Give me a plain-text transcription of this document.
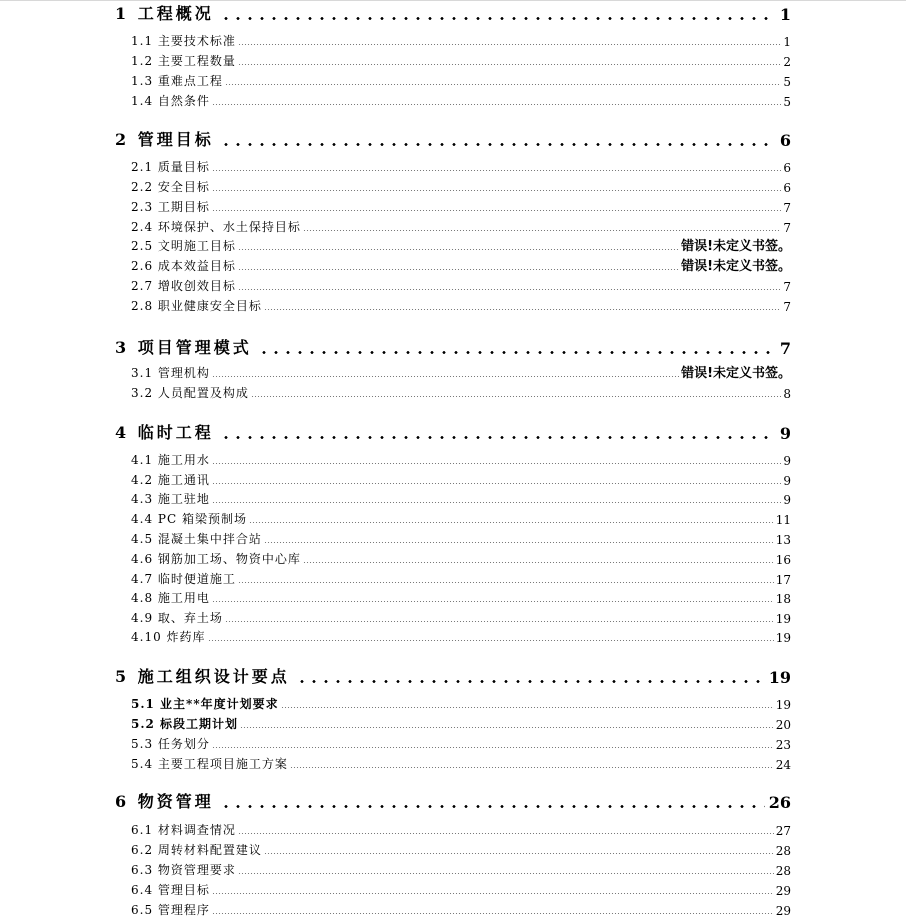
1 工程概况	1
1.1 主要技术标准	1
1.2 主要工程数量	2
1.3 重难点工程	5
1.4 自然条件	5
2 管理目标	6
2.1 质量目标	6
2.2 安全目标	6
2.3 工期目标	7
2.4 环境保护、水土保持目标	7
2.5 文明施工目标	错误!未定义书签。
2.6 成本效益目标	错误!未定义书签。
2.7 增收创效目标	7
2.8 职业健康安全目标	7
3 项目管理模式	7
3.1 管理机构	错误!未定义书签。
3.2 人员配置及构成	8
4 临时工程	9
4.1 施工用水	9
4.2 施工通讯	9
4.3 施工驻地	9
4.4 PC 箱梁预制场	11
4.5 混凝土集中拌合站	13
4.6 钢筋加工场、物资中心库	16
4.7 临时便道施工	17
4.8 施工用电	18
4.9 取、弃土场	19
4.10 炸药库	19
5 施工组织设计要点	19
5.1 业主**年度计划要求	19
5.2 标段工期计划	20
5.3 任务划分	23
5.4 主要工程项目施工方案	24
6 物资管理	26
6.1 材料调查情况	27
6.2 周转材料配置建议	28
6.3 物资管理要求	28
6.4 管理目标	29
6.5 管理程序	29
